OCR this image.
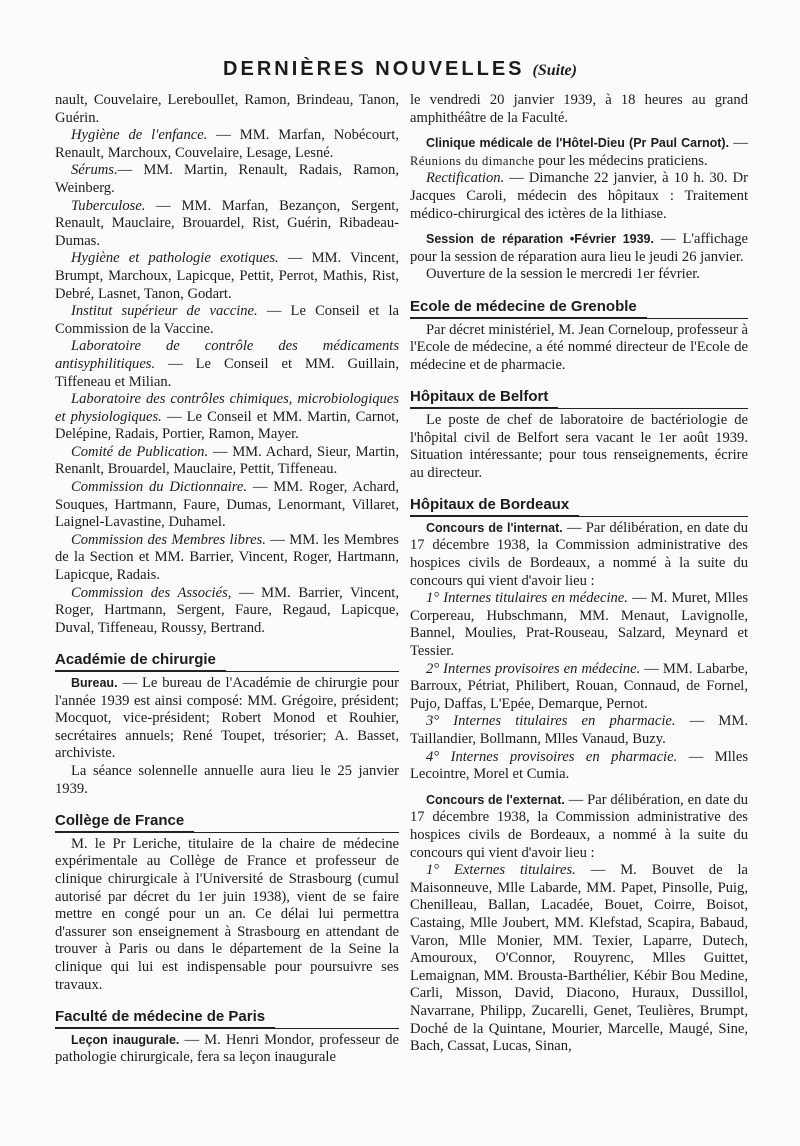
DERNIÈRES NOUVELLES (Suite)

nault, Couvelaire, Lereboullet, Ramon, Brindeau, Tanon, Guérin.

Hygiène de l'enfance. — MM. Marfan, Nobécourt, Renault, Marchoux, Couvelaire, Lesage, Lesné.

Sérums.— MM. Martin, Renault, Radais, Ramon, Weinberg.

Tuberculose. — MM. Marfan, Bezançon, Sergent, Renault, Mauclaire, Brouardel, Rist, Guérin, Ribadeau-Dumas.

Hygiène et pathologie exotiques. — MM. Vincent, Brumpt, Marchoux, Lapicque, Pettit, Perrot, Mathis, Rist, Debré, Lasnet, Tanon, Godart.

Institut supérieur de vaccine. — Le Conseil et la Commission de la Vaccine.

Laboratoire de contrôle des médicaments antisyphilitiques. — Le Conseil et MM. Guillain, Tiffeneau et Milian.

Laboratoire des contrôles chimiques, microbiologiques et physiologiques. — Le Conseil et MM. Martin, Carnot, Delépine, Radais, Portier, Ramon, Mayer.

Comité de Publication. — MM. Achard, Sieur, Martin, Renanlt, Brouardel, Mauclaire, Pettit, Tiffeneau.

Commission du Dictionnaire. — MM. Roger, Achard, Souques, Hartmann, Faure, Dumas, Lenormant, Villaret, Laignel-Lavastine, Duhamel.

Commission des Membres libres. — MM. les Membres de la Section et MM. Barrier, Vincent, Roger, Hartmann, Lapicque, Radais.

Commission des Associés, — MM. Barrier, Vincent, Roger, Hartmann, Sergent, Faure, Regaud, Lapicque, Duval, Tiffeneau, Roussy, Bertrand.

Académie de chirurgie

Bureau. — Le bureau de l'Académie de chirurgie pour l'année 1939 est ainsi composé: MM. Grégoire, président; Mocquot, vice-président; Robert Monod et Rouhier, secrétaires annuels; René Toupet, trésorier; A. Basset, archiviste.

La séance solennelle annuelle aura lieu le 25 janvier 1939.

Collège de France

M. le Pr Leriche, titulaire de la chaire de médecine expérimentale au Collège de France et professeur de clinique chirurgicale à l'Université de Strasbourg (cumul autorisé par décret du 1er juin 1938), vient de se faire mettre en congé pour un an. Ce délai lui permettra d'assurer son enseignement à Strasbourg en attendant de trouver à Paris ou dans le département de la Seine la clinique qui lui est indispensable pour poursuivre ses travaux.

Faculté de médecine de Paris

Leçon inaugurale. — M. Henri Mondor, professeur de pathologie chirurgicale, fera sa leçon inaugurale

le vendredi 20 janvier 1939, à 18 heures au grand amphithéâtre de la Faculté.

Clinique médicale de l'Hôtel-Dieu (Pr Paul Carnot). — Réunions du dimanche pour les médecins praticiens.

Rectification. — Dimanche 22 janvier, à 10 h. 30. Dr Jacques Caroli, médecin des hôpitaux : Traitement médico-chirurgical des ictères de la lithiase.

Session de réparation •Février 1939. — L'affichage pour la session de réparation aura lieu le jeudi 26 janvier.

Ouverture de la session le mercredi 1er février.

Ecole de médecine de Grenoble

Par décret ministériel, M. Jean Corneloup, professeur à l'Ecole de médecine, a été nommé directeur de l'Ecole de médecine et de pharmacie.

Hôpitaux de Belfort

Le poste de chef de laboratoire de bactériologie de l'hôpital civil de Belfort sera vacant le 1er août 1939. Situation intéressante; pour tous renseignements, écrire au directeur.

Hôpitaux de Bordeaux

Concours de l'internat. — Par délibération, en date du 17 décembre 1938, la Commission administrative des hospices civils de Bordeaux, a nommé à la suite du concours qui vient d'avoir lieu :

1° Internes titulaires en médecine. — M. Muret, Mlles Corpereau, Hubschmann, MM. Menaut, Lavignolle, Bannel, Moulies, Prat-Rouseau, Salzard, Meynard et Tessier.

2° Internes provisoires en médecine. — MM. Labarbe, Barroux, Pétriat, Philibert, Rouan, Connaud, de Fornel, Pujo, Daffas, L'Epée, Demarque, Pernot.

3° Internes titulaires en pharmacie. — MM. Taillandier, Bollmann, Mlles Vanaud, Buzy.

4° Internes provisoires en pharmacie. — Mlles Lecointre, Morel et Cumia.

Concours de l'externat. — Par délibération, en date du 17 décembre 1938, la Commission administrative des hospices civils de Bordeaux, a nommé à la suite du concours qui vient d'avoir lieu :

1° Externes titulaires. — M. Bouvet de la Maisonneuve, Mlle Labarde, MM. Papet, Pinsolle, Puig, Chenilleau, Ballan, Lacadée, Bouet, Coirre, Boisot, Castaing, Mlle Joubert, MM. Klefstad, Scapira, Babaud, Varon, Mlle Monier, MM. Texier, Laparre, Dutech, Amouroux, O'Connor, Rouyrenc, Mlles Guittet, Lemaignan, MM. Brousta-Barthélier, Kébir Bou Medine, Carli, Misson, David, Diacono, Huraux, Dussillol, Navarrane, Philipp, Zucarelli, Genet, Teulières, Brumpt, Doché de la Quintane, Mourier, Marcelle, Maugé, Sine, Bach, Cassat, Lucas, Sinan,
